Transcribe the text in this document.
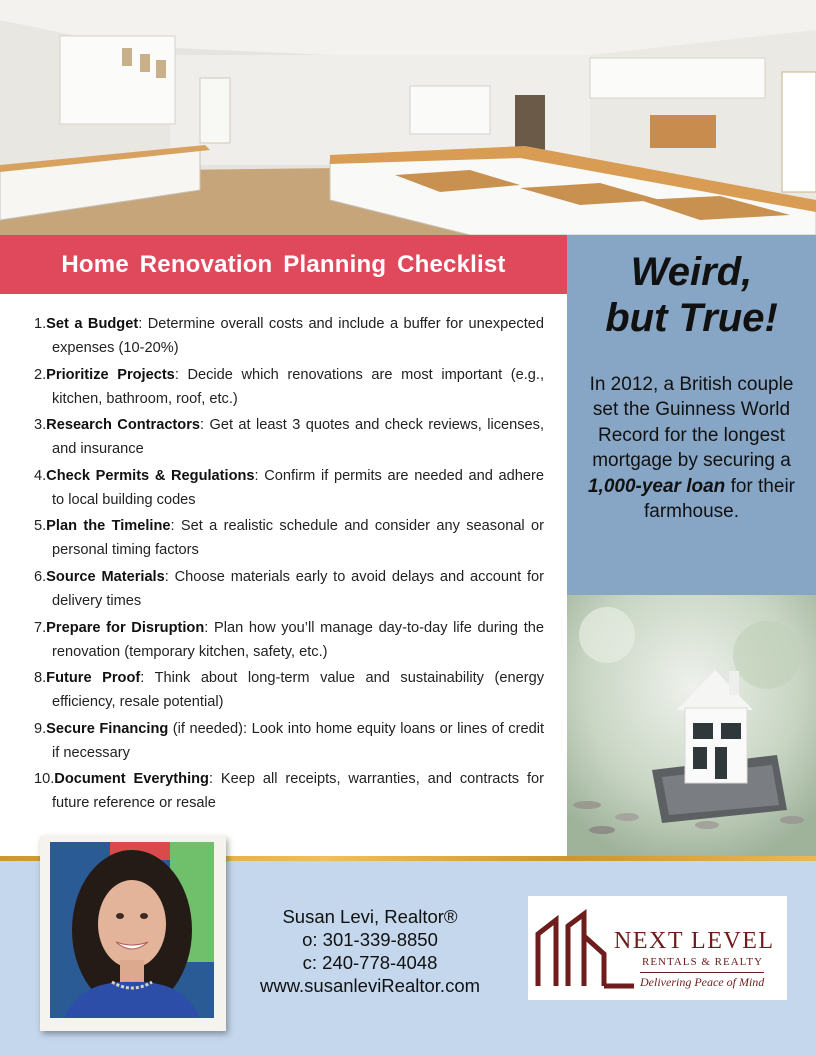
Home Renovation Planning Checklist
1.Set a Budget: Determine overall costs and include a buffer for unexpected expenses (10-20%)
2.Prioritize Projects: Decide which renovations are most important (e.g., kitchen, bathroom, roof, etc.)
3.Research Contractors: Get at least 3 quotes and check reviews, licenses, and insurance
4.Check Permits & Regulations: Confirm if permits are needed and adhere to local building codes
5.Plan the Timeline: Set a realistic schedule and consider any seasonal or personal timing factors
6.Source Materials: Choose materials early to avoid delays and account for delivery times
7.Prepare for Disruption: Plan how you’ll manage day-to-day life during the renovation (temporary kitchen, safety, etc.)
8.Future Proof: Think about long-term value and sustainability (energy efficiency, resale potential)
9.Secure Financing (if needed): Look into home equity loans or lines of credit if necessary
10.Document Everything: Keep all receipts, warranties, and contracts for future reference or resale
Weird,
but True!
In 2012, a British couple set the Guinness World Record for the longest mortgage by securing a 1,000-year loan for their farmhouse.
Susan Levi, Realtor®
o: 301-339-8850
c: 240-778-4048
www.susanleviRealtor.com
NEXT LEVEL
RENTALS & REALTY
Delivering Peace of Mind
